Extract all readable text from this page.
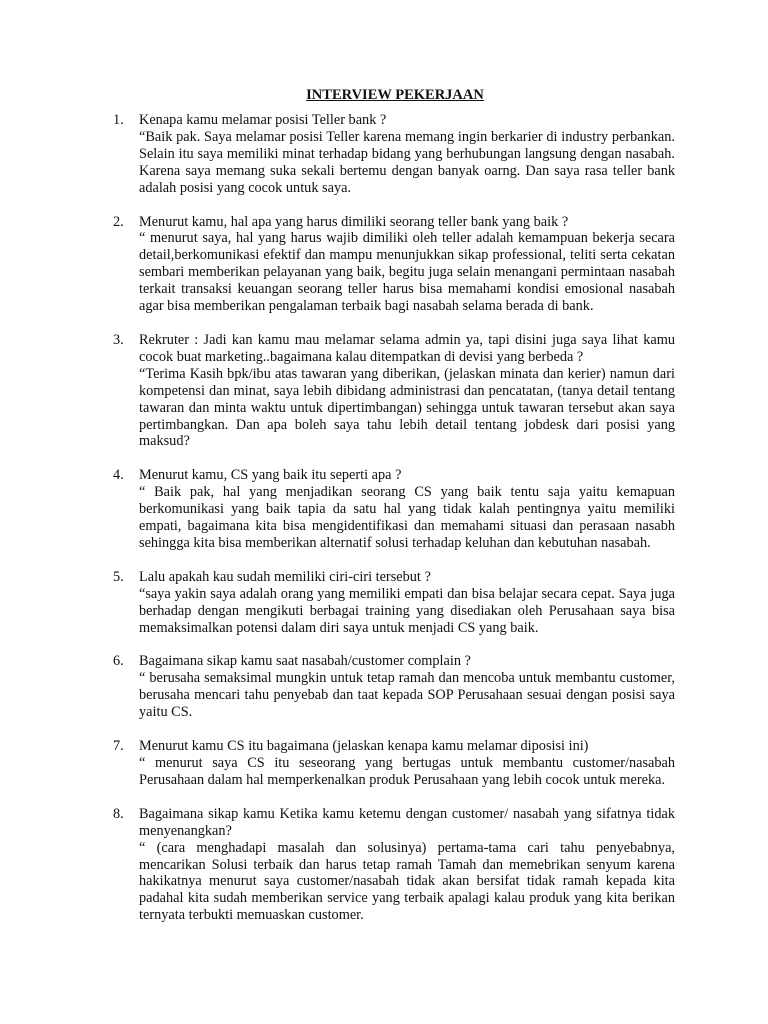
INTERVIEW PEKERJAAN
1. Kenapa kamu melamar posisi Teller bank ?
“Baik pak. Saya melamar posisi Teller karena memang ingin berkarier di industry perbankan. Selain itu saya memiliki minat terhadap bidang yang berhubungan langsung dengan nasabah. Karena saya memang suka sekali bertemu dengan banyak oarng. Dan saya rasa teller bank adalah posisi yang cocok untuk saya.
2. Menurut kamu, hal apa yang harus dimiliki seorang teller bank yang baik ?
“ menurut saya, hal yang harus wajib dimiliki oleh teller adalah kemampuan bekerja secara detail,berkomunikasi efektif dan mampu menunjukkan sikap professional, teliti serta cekatan sembari memberikan pelayanan yang baik, begitu juga selain menangani permintaan nasabah terkait transaksi keuangan seorang teller harus bisa memahami kondisi emosional nasabah agar bisa memberikan pengalaman terbaik bagi nasabah selama berada di bank.
3. Rekruter : Jadi kan kamu mau melamar selama admin ya, tapi disini juga saya lihat kamu cocok buat marketing..bagaimana kalau ditempatkan di devisi yang berbeda ?
“Terima Kasih bpk/ibu atas tawaran yang diberikan, (jelaskan minata dan kerier) namun dari kompetensi dan minat, saya lebih dibidang administrasi dan pencatatan, (tanya detail tentang tawaran dan minta waktu untuk dipertimbangan) sehingga untuk tawaran tersebut akan saya pertimbangkan. Dan apa boleh saya tahu lebih detail tentang jobdesk dari posisi yang maksud?
4. Menurut kamu, CS yang baik itu seperti apa ?
“ Baik pak, hal yang menjadikan seorang CS yang baik tentu saja yaitu kemapuan berkomunikasi yang baik tapia da satu hal yang tidak kalah pentingnya yaitu memiliki empati, bagaimana kita bisa mengidentifikasi dan memahami situasi dan perasaan nasabh sehingga kita bisa memberikan alternatif solusi terhadap keluhan dan kebutuhan nasabah.
5. Lalu apakah kau sudah memiliki ciri-ciri tersebut ?
“saya yakin saya adalah orang yang memiliki empati dan bisa belajar secara cepat. Saya juga berhadap dengan mengikuti berbagai training yang disediakan oleh Perusahaan saya bisa memaksimalkan potensi dalam diri saya untuk menjadi CS yang baik.
6. Bagaimana sikap kamu saat nasabah/customer complain ?
“ berusaha semaksimal mungkin untuk tetap ramah dan mencoba untuk membantu customer, berusaha mencari tahu penyebab dan taat kepada SOP Perusahaan sesuai dengan posisi saya yaitu CS.
7. Menurut kamu CS itu bagaimana (jelaskan kenapa kamu melamar diposisi ini)
“ menurut saya CS itu seseorang yang bertugas untuk membantu customer/nasabah Perusahaan dalam hal memperkenalkan produk Perusahaan yang lebih cocok untuk mereka.
8. Bagaimana sikap kamu Ketika kamu ketemu dengan customer/ nasabah yang sifatnya tidak menyenangkan?
“ (cara menghadapi masalah dan solusinya) pertama-tama cari tahu penyebabnya, mencarikan Solusi terbaik dan harus tetap ramah Tamah dan memebrikan senyum karena hakikatnya menurut saya customer/nasabah tidak akan bersifat tidak ramah kepada kita padahal kita sudah memberikan service yang terbaik apalagi kalau produk yang kita berikan ternyata terbukti memuaskan customer.
